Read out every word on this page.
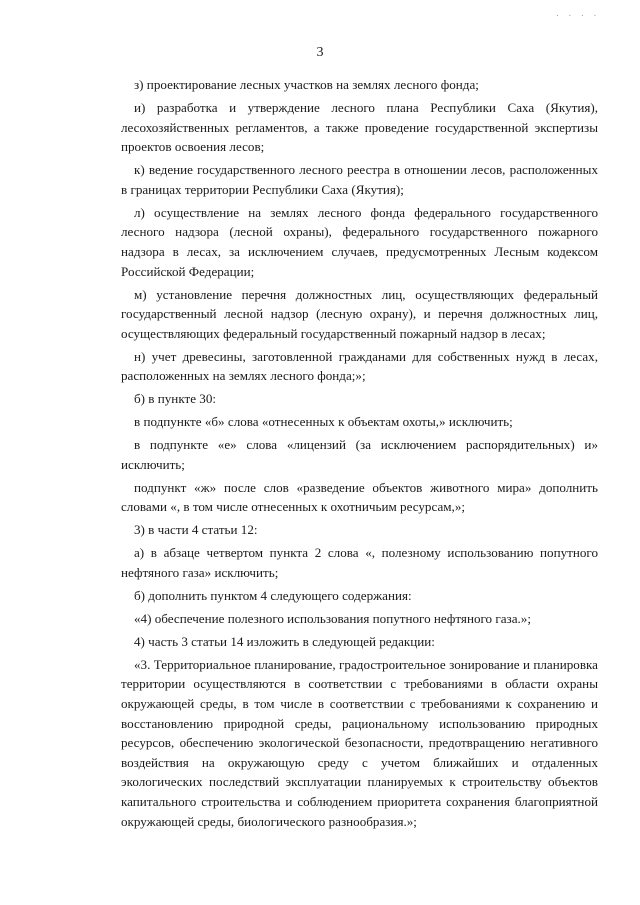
. . . .
3

з) проектирование лесных участков на землях лесного фонда;

и) разработка и утверждение лесного плана Республики Саха (Якутия), лесохозяйственных регламентов, а также проведение государственной экспертизы проектов освоения лесов;

к) ведение государственного лесного реестра в отношении лесов, расположенных в границах территории Республики Саха (Якутия);

л) осуществление на землях лесного фонда федерального государственного лесного надзора (лесной охраны), федерального государственного пожарного надзора в лесах, за исключением случаев, предусмотренных Лесным кодексом Российской Федерации;

м) установление перечня должностных лиц, осуществляющих федеральный государственный лесной надзор (лесную охрану), и перечня должностных лиц, осуществляющих федеральный государственный пожарный надзор в лесах;

н) учет древесины, заготовленной гражданами для собственных нужд в лесах, расположенных на землях лесного фонда;»;

б) в пункте 30:

в подпункте «б» слова «отнесенных к объектам охоты,» исключить;

в подпункте «е» слова «лицензий (за исключением распорядительных) и» исключить;

подпункт «ж» после слов «разведение объектов животного мира» дополнить словами «, в том числе отнесенных к охотничьим ресурсам,»;

3) в части 4 статьи 12:

а) в абзаце четвертом пункта 2 слова «, полезному использованию попутного нефтяного газа» исключить;

б) дополнить пунктом 4 следующего содержания:

«4) обеспечение полезного использования попутного нефтяного газа.»;

4) часть 3 статьи 14 изложить в следующей редакции:

«3. Территориальное планирование, градостроительное зонирование и планировка территории осуществляются в соответствии с требованиями в области охраны окружающей среды, в том числе в соответствии с требованиями к сохранению и восстановлению природной среды, рациональному использованию природных ресурсов, обеспечению экологической безопасности, предотвращению негативного воздействия на окружающую среду с учетом ближайших и отдаленных экологических последствий эксплуатации планируемых к строительству объектов капитального строительства и соблюдением приоритета сохранения благоприятной окружающей среды, биологического разнообразия.»;
